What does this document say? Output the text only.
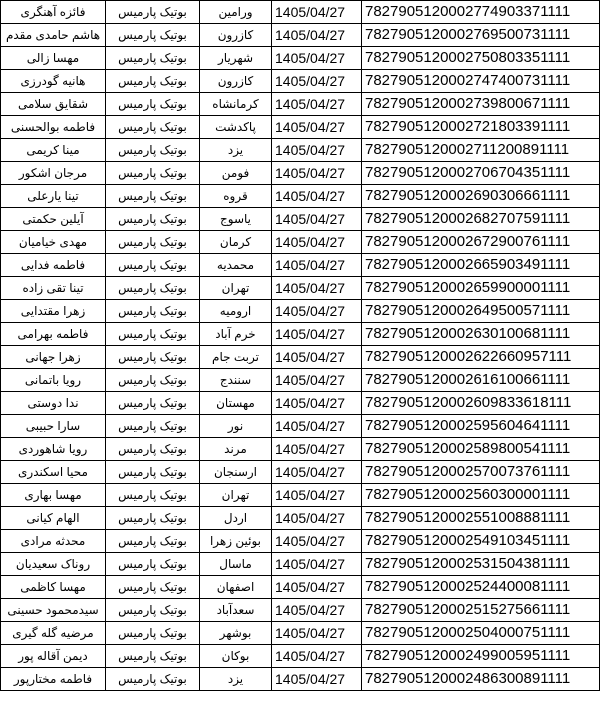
فائزه آهنگری	بوتیک پارمیس	ورامین	1405/04/27	7827905120002774903371111
هاشم حامدی مقدم	بوتیک پارمیس	کازرون	1405/04/27	7827905120002769500731111
مهسا زالی	بوتیک پارمیس	شهریار	1405/04/27	7827905120002750803351111
هانیه گودرزی	بوتیک پارمیس	کازرون	1405/04/27	7827905120002747400731111
شقایق سلامی	بوتیک پارمیس	کرمانشاه	1405/04/27	7827905120002739800671111
فاطمه بوالحسنی	بوتیک پارمیس	پاکدشت	1405/04/27	7827905120002721803391111
مینا کریمی	بوتیک پارمیس	یزد	1405/04/27	7827905120002711200891111
مرجان اشکور	بوتیک پارمیس	فومن	1405/04/27	7827905120002706704351111
تینا یارعلی	بوتیک پارمیس	قروه	1405/04/27	7827905120002690306661111
آیلین حکمتی	بوتیک پارمیس	یاسوج	1405/04/27	7827905120002682707591111
مهدی خیامیان	بوتیک پارمیس	کرمان	1405/04/27	7827905120002672900761111
فاطمه فدایی	بوتیک پارمیس	محمدیه	1405/04/27	7827905120002665903491111
تینا تقی زاده	بوتیک پارمیس	تهران	1405/04/27	7827905120002659900001111
زهرا مقتدایی	بوتیک پارمیس	ارومیه	1405/04/27	7827905120002649500571111
فاطمه بهرامی	بوتیک پارمیس	خرم آباد	1405/04/27	7827905120002630100681111
زهرا جهانی	بوتیک پارمیس	تربت جام	1405/04/27	7827905120002622660957111
رویا باتمانی	بوتیک پارمیس	سنندج	1405/04/27	7827905120002616100661111
ندا دوستی	بوتیک پارمیس	مهستان	1405/04/27	7827905120002609833618111
سارا حبیبی	بوتیک پارمیس	نور	1405/04/27	7827905120002595604641111
رویا شاهوردی	بوتیک پارمیس	مرند	1405/04/27	7827905120002589800541111
محیا اسکندری	بوتیک پارمیس	ارسنجان	1405/04/27	7827905120002570073761111
مهسا بهاری	بوتیک پارمیس	تهران	1405/04/27	7827905120002560300001111
الهام کیانی	بوتیک پارمیس	اردل	1405/04/27	7827905120002551008881111
محدثه مرادی	بوتیک پارمیس	بوئین زهرا	1405/04/27	7827905120002549103451111
روناک سعیدیان	بوتیک پارمیس	ماسال	1405/04/27	7827905120002531504381111
مهسا کاظمی	بوتیک پارمیس	اصفهان	1405/04/27	7827905120002524400081111
سیدمحمود حسینی	بوتیک پارمیس	سعدآباد	1405/04/27	7827905120002515275661111
مرضیه گله گیری	بوتیک پارمیس	بوشهر	1405/04/27	7827905120002504000751111
دیمن آقاله پور	بوتیک پارمیس	بوکان	1405/04/27	7827905120002499005951111
فاطمه مختارپور	بوتیک پارمیس	یزد	1405/04/27	7827905120002486300891111
